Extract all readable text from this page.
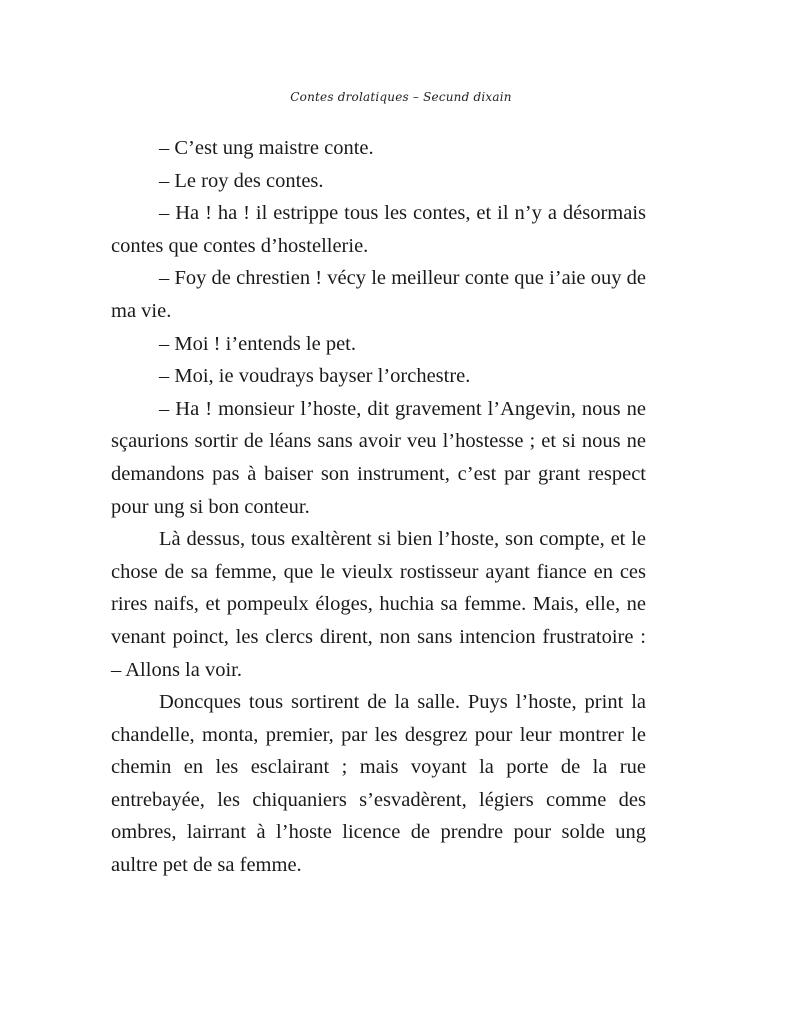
Contes drolatiques – Secund dixain

– C’est ung maistre conte.

– Le roy des contes.

– Ha ! ha ! il estrippe tous les contes, et il n’y a désormais contes que contes d’hostellerie.

– Foy de chrestien ! vécy le meilleur conte que i’aie ouy de ma vie.

– Moi ! i’entends le pet.

– Moi, ie voudrays bayser l’orchestre.

– Ha ! monsieur l’hoste, dit gravement l’Angevin, nous ne sçaurions sortir de léans sans avoir veu l’hostesse ; et si nous ne demandons pas à baiser son instrument, c’est par grant respect pour ung si bon conteur.

Là dessus, tous exaltèrent si bien l’hoste, son compte, et le chose de sa femme, que le vieulx rostisseur ayant fiance en ces rires naifs, et pompeulx éloges, huchia sa femme. Mais, elle, ne venant poinct, les clercs dirent, non sans intencion frustratoire : – Allons la voir.

Doncques tous sortirent de la salle. Puys l’hoste, print la chandelle, monta, premier, par les desgrez pour leur montrer le chemin en les esclairant ; mais voyant la porte de la rue entrebayée, les chiquaniers s’esvadèrent, légiers comme des ombres, lairrant à l’hoste licence de prendre pour solde ung aultre pet de sa femme.
